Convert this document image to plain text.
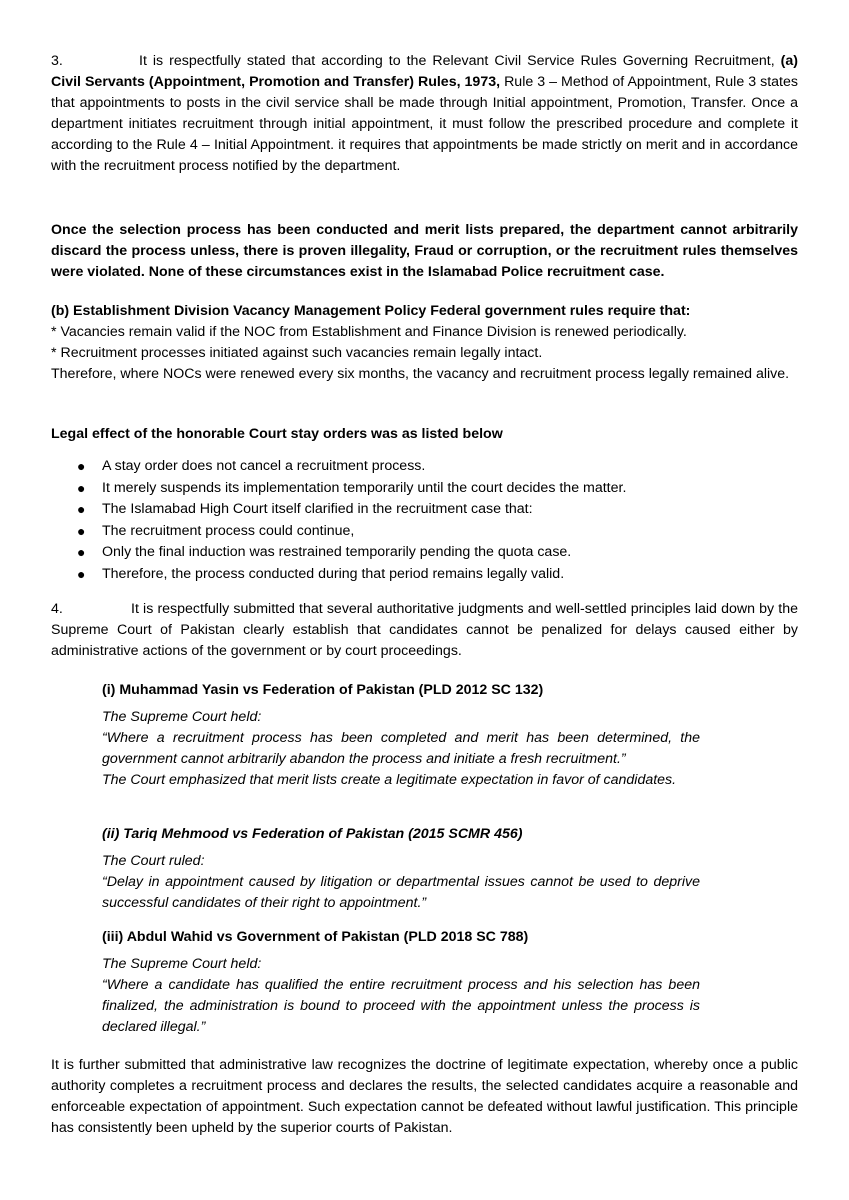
3.	It is respectfully stated that according to the Relevant Civil Service Rules Governing Recruitment, (a) Civil Servants (Appointment, Promotion and Transfer) Rules, 1973, Rule 3 – Method of Appointment, Rule 3 states that appointments to posts in the civil service shall be made through Initial appointment, Promotion, Transfer. Once a department initiates recruitment through initial appointment, it must follow the prescribed procedure and complete it according to the Rule 4 – Initial Appointment. it requires that appointments be made strictly on merit and in accordance with the recruitment process notified by the department.

Once the selection process has been conducted and merit lists prepared, the department cannot arbitrarily discard the process unless, there is proven illegality, Fraud or corruption, or the recruitment rules themselves were violated. None of these circumstances exist in the Islamabad Police recruitment case.

(b) Establishment Division Vacancy Management Policy Federal government rules require that:
* Vacancies remain valid if the NOC from Establishment and Finance Division is renewed periodically.
* Recruitment processes initiated against such vacancies remain legally intact.
Therefore, where NOCs were renewed every six months, the vacancy and recruitment process legally remained alive.
Legal effect of the honorable Court stay orders was as listed below
● A stay order does not cancel a recruitment process.
● It merely suspends its implementation temporarily until the court decides the matter.
● The Islamabad High Court itself clarified in the recruitment case that:
● The recruitment process could continue,
● Only the final induction was restrained temporarily pending the quota case.
● Therefore, the process conducted during that period remains legally valid.

4.	It is respectfully submitted that several authoritative judgments and well-settled principles laid down by the Supreme Court of Pakistan clearly establish that candidates cannot be penalized for delays caused either by administrative actions of the government or by court proceedings.

(i) Muhammad Yasin vs Federation of Pakistan (PLD 2012 SC 132)

The Supreme Court held:

“Where a recruitment process has been completed and merit has been determined, the government cannot arbitrarily abandon the process and initiate a fresh recruitment.”

The Court emphasized that merit lists create a legitimate expectation in favor of candidates.

(ii) Tariq Mehmood vs Federation of Pakistan (2015 SCMR 456)

The Court ruled:

“Delay in appointment caused by litigation or departmental issues cannot be used to deprive successful candidates of their right to appointment.”

(iii) Abdul Wahid vs Government of Pakistan (PLD 2018 SC 788)

The Supreme Court held:

“Where a candidate has qualified the entire recruitment process and his selection has been finalized, the administration is bound to proceed with the appointment unless the process is declared illegal.”

It is further submitted that administrative law recognizes the doctrine of legitimate expectation, whereby once a public authority completes a recruitment process and declares the results, the selected candidates acquire a reasonable and enforceable expectation of appointment. Such expectation cannot be defeated without lawful justification. This principle has consistently been upheld by the superior courts of Pakistan.
